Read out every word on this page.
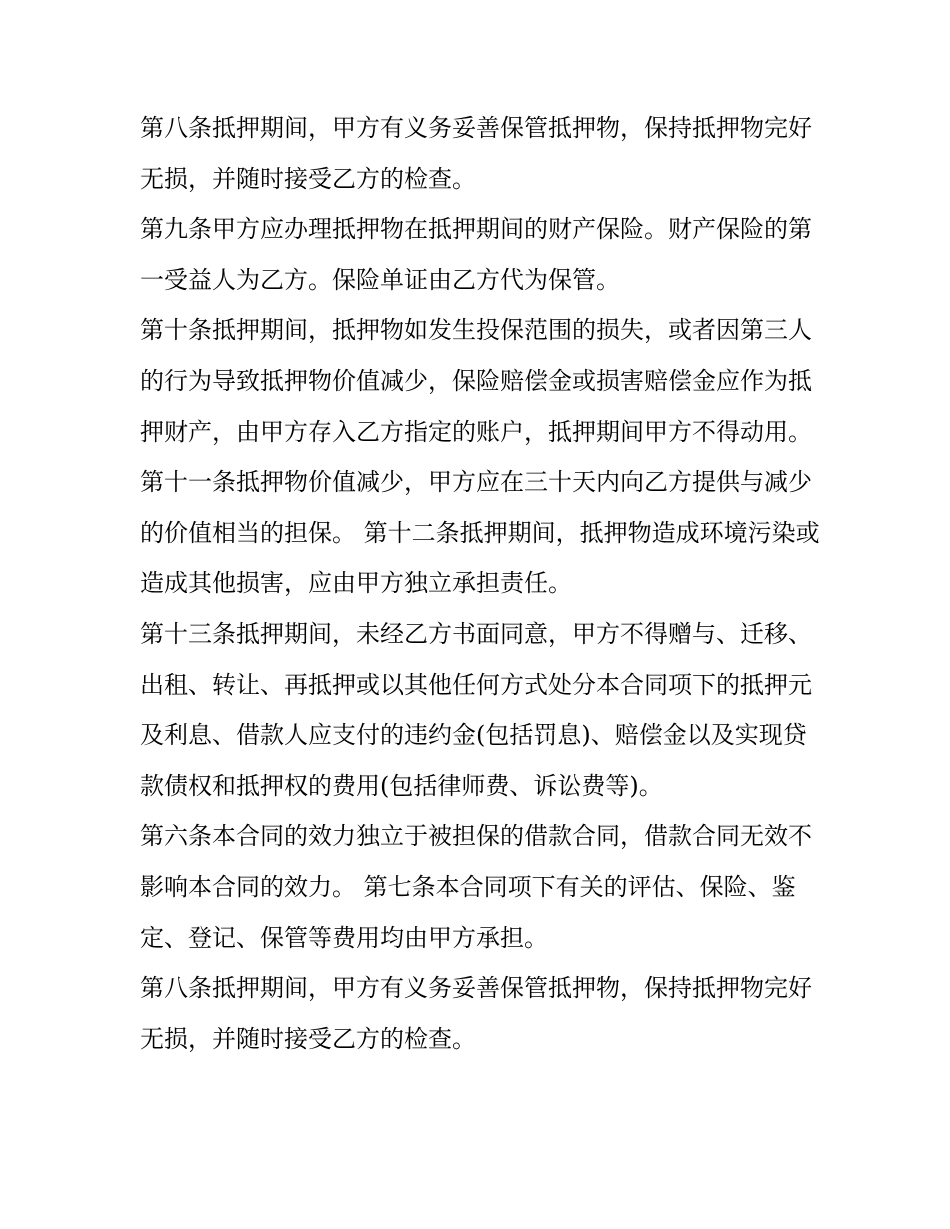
第八条抵押期间，甲方有义务妥善保管抵押物，保持抵押物完好无损，并随时接受乙方的检查。

第九条甲方应办理抵押物在抵押期间的财产保险。财产保险的第一受益人为乙方。保险单证由乙方代为保管。

第十条抵押期间，抵押物如发生投保范围的损失，或者因第三人的行为导致抵押物价值减少，保险赔偿金或损害赔偿金应作为抵押财产，由甲方存入乙方指定的账户，抵押期间甲方不得动用。

第十一条抵押物价值减少，甲方应在三十天内向乙方提供与减少的价值相当的担保。 第十二条抵押期间，抵押物造成环境污染或造成其他损害，应由甲方独立承担责任。

第十三条抵押期间，未经乙方书面同意，甲方不得赠与、迁移、出租、转让、再抵押或以其他任何方式处分本合同项下的抵押元及利息、借款人应支付的违约金(包括罚息)、赔偿金以及实现贷款债权和抵押权的费用(包括律师费、诉讼费等)。

第六条本合同的效力独立于被担保的借款合同，借款合同无效不影响本合同的效力。 第七条本合同项下有关的评估、保险、鉴定、登记、保管等费用均由甲方承担。

第八条抵押期间，甲方有义务妥善保管抵押物，保持抵押物完好无损，并随时接受乙方的检查。
